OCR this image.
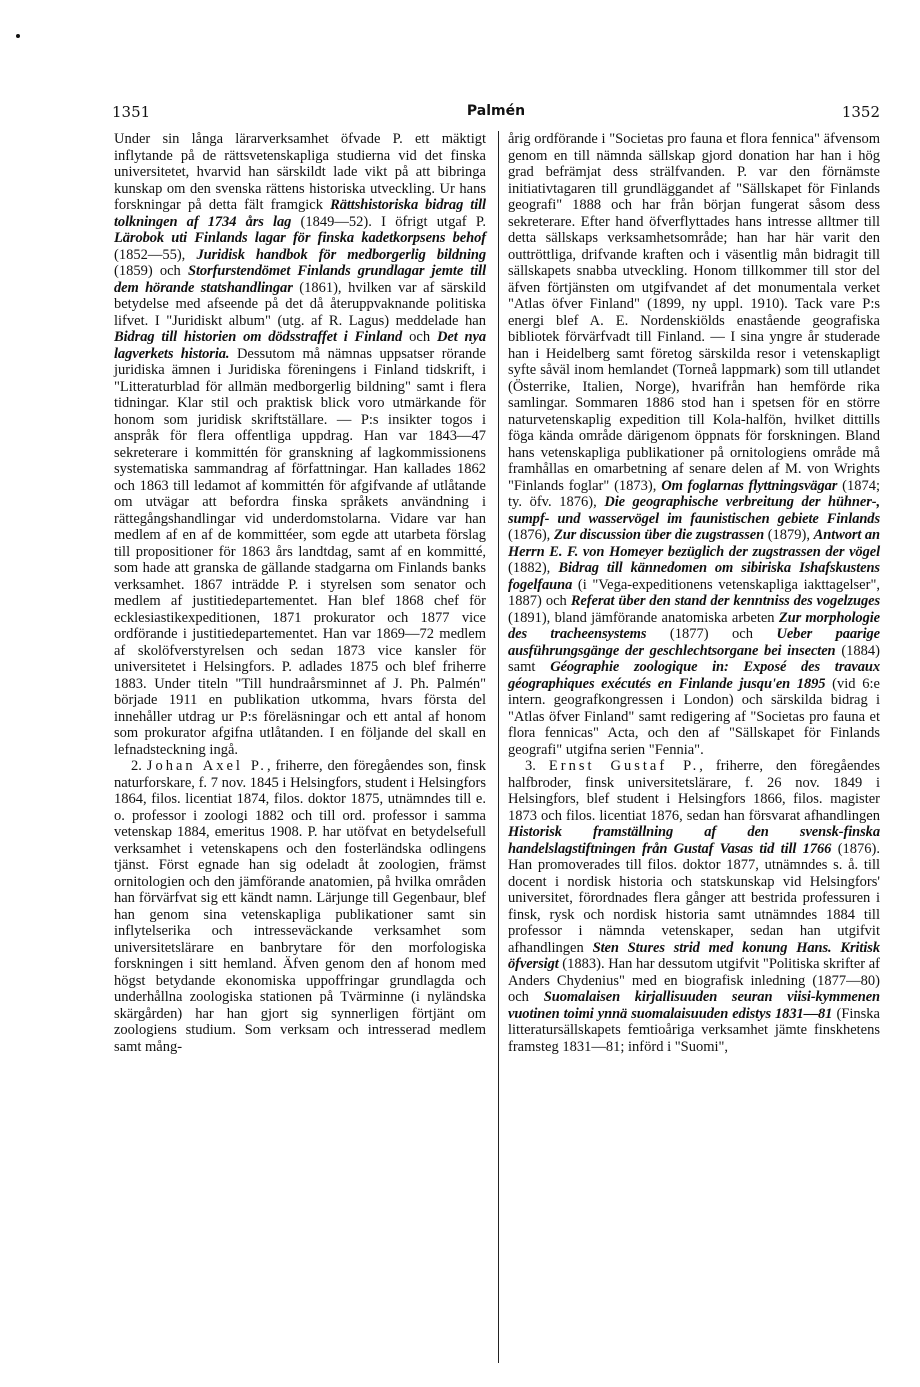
1351	Palmén	1352

Under sin långa lärarverksamhet öfvade P. ett mäktigt inflytande på de rättsvetenskapliga studierna vid det finska universitetet, hvarvid han särskildt lade vikt på att bibringa kunskap om den svenska rättens historiska utveckling. Ur hans forskningar på detta fält framgick Rättshistoriska bidrag till tolkningen af 1734 års lag (1849—52). I öfrigt utgaf P. Lärobok uti Finlands lagar för finska kadetkorpsens behof (1852—55), Juridisk handbok för medborgerlig bildning (1859) och Storfurstendömet Finlands grundlagar jemte till dem hörande statshandlingar (1861), hvilken var af särskild betydelse med afseende på det då återuppvaknande politiska lifvet. I "Juridiskt album" (utg. af R. Lagus) meddelade han Bidrag till historien om dödsstraffet i Finland och Det nya lagverkets historia. Dessutom må nämnas uppsatser rörande juridiska ämnen i Juridiska föreningens i Finland tidskrift, i "Litteraturblad för allmän medborgerlig bildning" samt i flera tidningar. Klar stil och praktisk blick voro utmärkande för honom som juridisk skriftställare. — P:s insikter togos i anspråk för flera offentliga uppdrag. Han var 1843—47 sekreterare i kommittén för granskning af lagkommissionens systematiska sammandrag af författningar. Han kallades 1862 och 1863 till ledamot af kommittén för afgifvande af utlåtande om utvägar att befordra finska språkets användning i rättegångshandlingar vid underdomstolarna. Vidare var han medlem af en af de kommittéer, som egde att utarbeta förslag till propositioner för 1863 års landtdag, samt af en kommitté, som hade att granska de gällande stadgarna om Finlands banks verksamhet. 1867 inträdde P. i styrelsen som senator och medlem af justitiedepartementet. Han blef 1868 chef för ecklesiastikexpeditionen, 1871 prokurator och 1877 vice ordförande i justitiedepartementet. Han var 1869—72 medlem af skolöfverstyrelsen och sedan 1873 vice kansler för universitetet i Helsingfors. P. adlades 1875 och blef friherre 1883. Under titeln "Till hundraårsminnet af J. Ph. Palmén" började 1911 en publikation utkomma, hvars första del innehåller utdrag ur P:s föreläsningar och ett antal af honom som prokurator afgifna utlåtanden. I en följande del skall en lefnadsteckning ingå.

2. Johan Axel P., friherre, den föregåendes son, finsk naturforskare, f. 7 nov. 1845 i Helsingfors, student i Helsingfors 1864, filos. licentiat 1874, filos. doktor 1875, utnämndes till e. o. professor i zoologi 1882 och till ord. professor i samma vetenskap 1884, emeritus 1908. P. har utöfvat en betydelsefull verksamhet i vetenskapens och den fosterländska odlingens tjänst. Först egnade han sig odeladt åt zoologien, främst ornitologien och den jämförande anatomien, på hvilka områden han förvärfvat sig ett kändt namn. Lärjunge till Gegenbaur, blef han genom sina vetenskapliga publikationer samt sin inflytelserika och intresseväckande verksamhet som universitetslärare en banbrytare för den morfologiska forskningen i sitt hemland. Äfven genom den af honom med högst betydande ekonomiska uppoffringar grundlagda och underhållna zoologiska stationen på Tvärminne (i nyländska skärgården) har han gjort sig synnerligen förtjänt om zoologiens studium. Som verksam och intresserad medlem samt mång-

årig ordförande i "Societas pro fauna et flora fennica" äfvensom genom en till nämnda sällskap gjord donation har han i hög grad befrämjat dess strälfvanden. P. var den förnämste initiativtagaren till grundläggandet af "Sällskapet för Finlands geografi" 1888 och har från början fungerat såsom dess sekreterare. Efter hand öfverflyttades hans intresse alltmer till detta sällskaps verksamhetsområde; han har här varit den outtröttliga, drifvande kraften och i väsentlig mån bidragit till sällskapets snabba utveckling. Honom tillkommer till stor del äfven förtjänsten om utgifvandet af det monumentala verket "Atlas öfver Finland" (1899, ny uppl. 1910). Tack vare P:s energi blef A. E. Nordenskiölds enastående geografiska bibliotek förvärfvadt till Finland. — I sina yngre år studerade han i Heidelberg samt företog särskilda resor i vetenskapligt syfte såväl inom hemlandet (Torneå lappmark) som till utlandet (Österrike, Italien, Norge), hvarifrån han hemförde rika samlingar. Sommaren 1886 stod han i spetsen för en större naturvetenskaplig expedition till Kola-halfön, hvilket dittills föga kända område därigenom öppnats för forskningen. Bland hans vetenskapliga publikationer på ornitologiens område må framhållas en omarbetning af senare delen af M. von Wrights "Finlands foglar" (1873), Om foglarnas flyttningsvägar (1874; ty. öfv. 1876), Die geographische verbreitung der hühner-, sumpf- und wasservögel im faunistischen gebiete Finlands (1876), Zur discussion über die zugstrassen (1879), Antwort an Herrn E. F. von Homeyer bezüglich der zugstrassen der vögel (1882), Bidrag till kännedomen om sibiriska Ishafskustens fogelfauna (i "Vega-expeditionens vetenskapliga iakttagelser", 1887) och Referat über den stand der kenntniss des vogelzuges (1891), bland jämförande anatomiska arbeten Zur morphologie des tracheensystems (1877) och Ueber paarige ausführungsgänge der geschlechtsorgane bei insecten (1884) samt Géographie zoologique in: Exposé des travaux géographiques exécutés en Finlande jusqu'en 1895 (vid 6:e intern. geografkongressen i London) och särskilda bidrag i "Atlas öfver Finland" samt redigering af "Societas pro fauna et flora fennicas" Acta, och den af "Sällskapet för Finlands geografi" utgifna serien "Fennia".

3. Ernst Gustaf P., friherre, den föregåendes halfbroder, finsk universitetslärare, f. 26 nov. 1849 i Helsingfors, blef student i Helsingfors 1866, filos. magister 1873 och filos. licentiat 1876, sedan han försvarat afhandlingen Historisk framställning af den svensk-finska handelslagstiftningen från Gustaf Vasas tid till 1766 (1876). Han promoverades till filos. doktor 1877, utnämndes s. å. till docent i nordisk historia och statskunskap vid Helsingfors' universitet, förordnades flera gånger att bestrida professuren i finsk, rysk och nordisk historia samt utnämndes 1884 till professor i nämnda vetenskaper, sedan han utgifvit afhandlingen Sten Stures strid med konung Hans. Kritisk öfversigt (1883). Han har dessutom utgifvit "Politiska skrifter af Anders Chydenius" med en biografisk inledning (1877—80) och Suomalaisen kirjallisuuden seuran viisi-kymmenen vuotinen toimi ynnä suomalaisuuden edistys 1831—81 (Finska litteratursällskapets femtioåriga verksamhet jämte finskhetens framsteg 1831—81; införd i "Suomi",
